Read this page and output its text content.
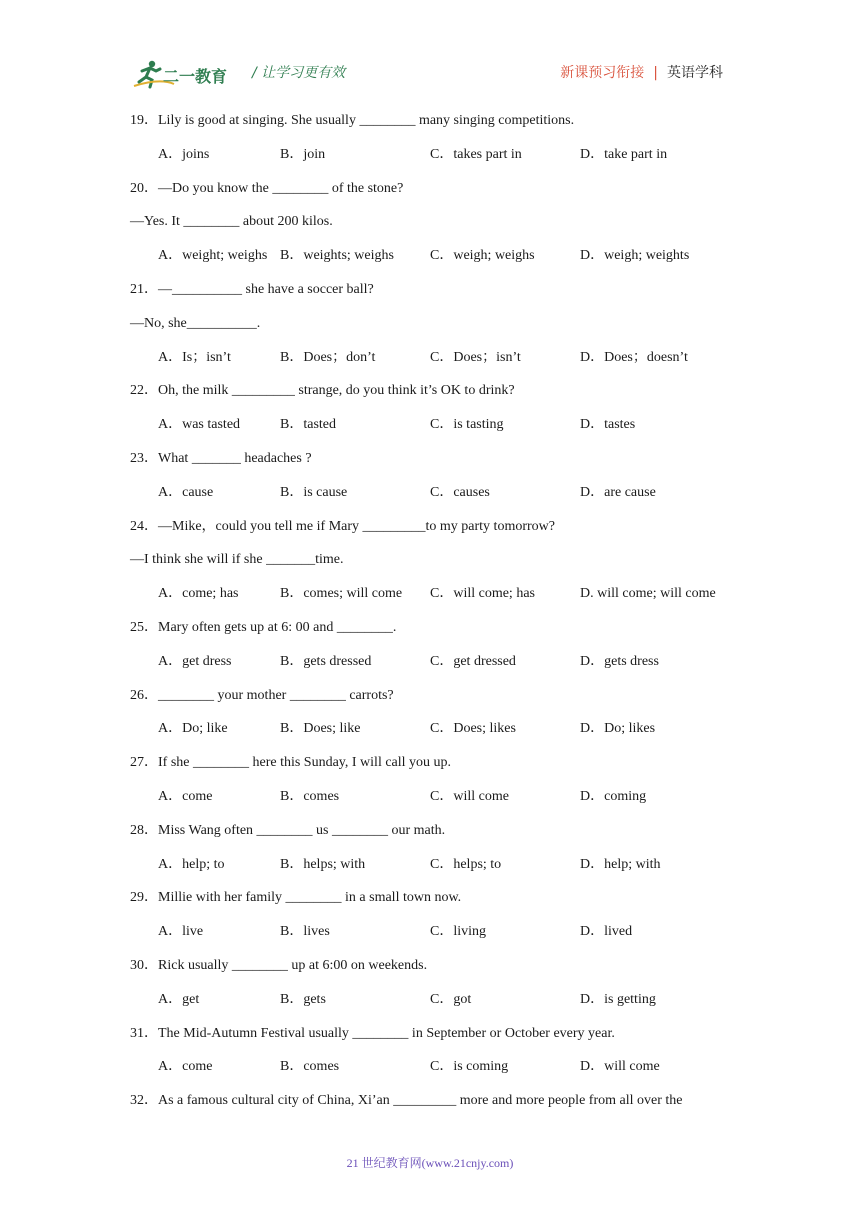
二一教育 / 让学习更有效	新课预习衔接 | 英语学科
19．Lily is good at singing. She usually ________ many singing competitions.
A．joins	B．join	C．takes part in	D．take part in
20．—Do you know the ________ of the stone?
—Yes. It ________ about 200 kilos.
A．weight; weighs B．weights; weighs	C．weigh; weighs	D．weigh; weights
21．—__________ she have a soccer ball?
—No, she__________.
A．Is；isn’t	B．Does；don’t	C．Does；isn’t	D．Does；doesn’t
22．Oh, the milk _________ strange, do you think it’s OK to drink?
A．was tasted	B．tasted	C．is tasting	D．tastes
23．What _______ headaches ?
A．cause	B．is cause	C．causes	D．are cause
24．—Mike，could you tell me if Mary _________to my party tomorrow?
—I think she will if she _______time.
A．come; has	B．comes; will come C．will come; has	D. will come; will come
25．Mary often gets up at 6: 00 and ________.
A．get dress	B．gets dressed	C．get dressed	D．gets dress
26．________ your mother ________ carrots?
A．Do; like	B．Does; like	C．Does; likes	D．Do; likes
27．If she ________ here this Sunday, I will call you up.
A．come	B．comes	C．will come	D．coming
28．Miss Wang often ________ us ________ our math.
A．help; to	B．helps; with	C．helps; to	D．help; with
29．Millie with her family ________ in a small town now.
A．live	B．lives	C．living	D．lived
30．Rick usually ________ up at 6:00 on weekends.
A．get	B．gets	C．got	D．is getting
31．The Mid-Autumn Festival usually ________ in September or October every year.
A．come	B．comes	C．is coming	D．will come
32．As a famous cultural city of China, Xi’an _________ more and more people from all over the
21 世纪教育网(www.21cnjy.com)
